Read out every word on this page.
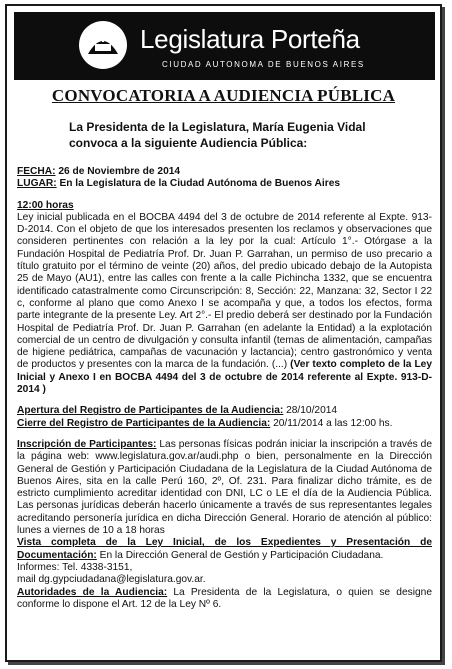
Legislatura Porteña
CIUDAD AUTONOMA DE BUENOS AIRES
CONVOCATORIA A AUDIENCIA PÚBLICA
La Presidenta de la Legislatura, María Eugenia Vidal
convoca a la siguiente Audiencia Pública:

FECHA: 26 de Noviembre de 2014

LUGAR: En la Legislatura de la Ciudad Autónoma de Buenos Aires

12:00 horas

Ley inicial publicada en el BOCBA 4494 del 3 de octubre de 2014 referente al Expte. 913-D-2014. Con el objeto de que los interesados presenten los reclamos y observaciones que consideren pertinentes con relación a la ley por la cual: Artículo 1°.- Otórgase a la Fundación Hospital de Pediatría Prof. Dr. Juan P. Garrahan, un permiso de uso precario a título gratuito por el término de veinte (20) años, del predio ubicado debajo de la Autopista 25 de Mayo (AU1), entre las calles con frente a la calle Pichincha 1332, que se encuentra identificado catastralmente como Circunscripción: 8, Sección: 22, Manzana: 32, Sector I 22 c, conforme al plano que como Anexo I se acompaña y que, a todos los efectos, forma parte integrante de la presente Ley. Art 2°.- El predio deberá ser destinado por la Fundación Hospital de Pediatría Prof. Dr. Juan P. Garrahan (en adelante la Entidad) a la explotación comercial de un centro de divulgación y consulta infantil (temas de alimentación, campañas de higiene pediátrica, campañas de vacunación y lactancia); centro gastronómico y venta de productos y presentes con la marca de la fundación. (...) (Ver texto completo de la Ley Inicial y Anexo I en BOCBA 4494 del 3 de octubre de 2014 referente al Expte. 913-D-2014 )

Apertura del Registro de Participantes de la Audiencia: 28/10/2014

Cierre del Registro de Participantes de la Audiencia: 20/11/2014 a las 12:00 hs.

Inscripción de Participantes: Las personas físicas podrán iniciar la inscripción a través de la página web: www.legislatura.gov.ar/audi.php o bien, personalmente en la Dirección General de Gestión y Participación Ciudadana de la Legislatura de la Ciudad Autónoma de Buenos Aires, sita en la calle Perú 160, 2º, Of. 231. Para finalizar dicho trámite, es de estricto cumplimiento acreditar identidad con DNI, LC o LE el día de la Audiencia Pública. Las personas jurídicas deberán hacerlo únicamente a través de sus representantes legales acreditando personería jurídica en dicha Dirección General. Horario de atención al público: lunes a viernes de 10 a 18 horas

Vista completa de la Ley Inicial, de los Expedientes y Presentación de Documentación: En la Dirección General de Gestión y Participación Ciudadana.

Informes: Tel. 4338-3151,

mail dg.gypciudadana@legislatura.gov.ar.

Autoridades de la Audiencia: La Presidenta de la Legislatura, o quien se designe conforme lo dispone el Art. 12 de la Ley Nº 6.
